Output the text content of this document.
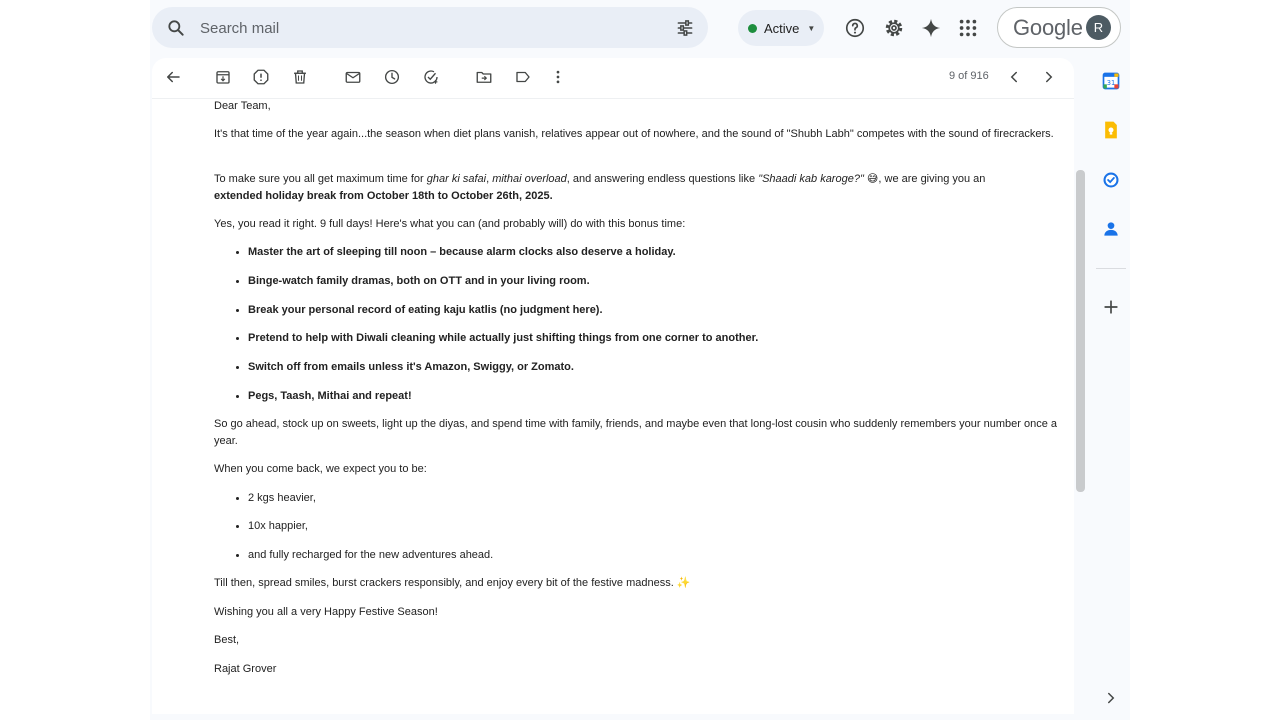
Search mail
Active ▼	Google R
9 of 916

Dear Team,

It's that time of the year again...the season when diet plans vanish, relatives appear out of nowhere, and the sound of "Shubh Labh" competes with the sound of firecrackers.

To make sure you all get maximum time for ghar ki safai, mithai overload, and answering endless questions like "Shaadi kab karoge?" 😅, we are giving you an
extended holiday break from October 18th to October 26th, 2025.

Yes, you read it right. 9 full days! Here's what you can (and probably will) do with this bonus time:

Master the art of sleeping till noon – because alarm clocks also deserve a holiday.
Binge-watch family dramas, both on OTT and in your living room.
Break your personal record of eating kaju katlis (no judgment here).
Pretend to help with Diwali cleaning while actually just shifting things from one corner to another.
Switch off from emails unless it's Amazon, Swiggy, or Zomato.
Pegs, Taash, Mithai and repeat!

So go ahead, stock up on sweets, light up the diyas, and spend time with family, friends, and maybe even that long-lost cousin who suddenly remembers your number once a year.

When you come back, we expect you to be:

2 kgs heavier,
10x happier,
and fully recharged for the new adventures ahead.

Till then, spread smiles, burst crackers responsibly, and enjoy every bit of the festive madness. ✨

Wishing you all a very Happy Festive Season!

Best,

Rajat Grover

31
